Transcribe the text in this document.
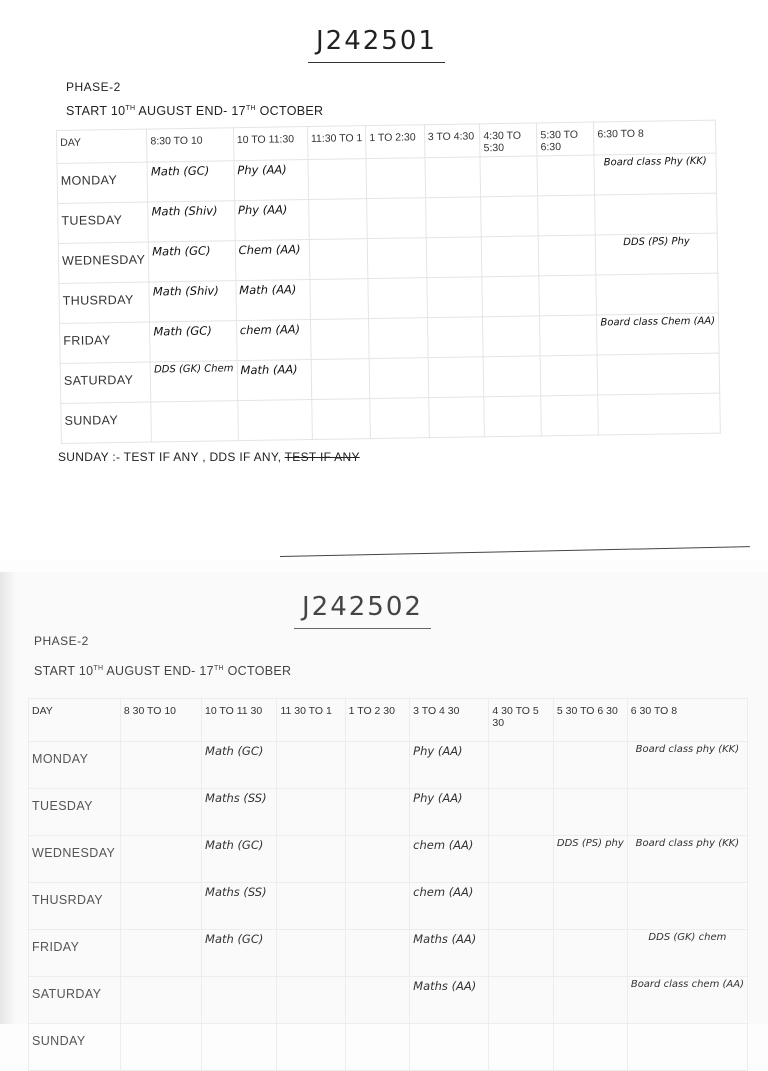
J242501
PHASE-2
START 10TH AUGUST END- 17TH OCTOBER
DAY	8:30 TO 10	10 TO 11:30	11:30 TO 1	1 TO 2:30	3 TO 4:30	4:30 TO 5:30	5:30 TO 6:30	6:30 TO 8
MONDAY	Math (GC)	Phy (AA)						Board class Phy (KK)

TUESDAY	Math (Shiv)	Phy (AA)						
WEDNESDAY	Math (GC)	Chem (AA)						DDS (PS) Phy

THUSRDAY	Math (Shiv)	Math (AA)						
FRIDAY	Math (GC)	chem (AA)						Board class Chem (AA)

SATURDAY	DDS (GK) Chem	Math (AA)						
SUNDAY								
SUNDAY :- TEST IF ANY , DDS IF ANY, TEST IF ANY
J242502
PHASE-2
START 10TH AUGUST END- 17TH OCTOBER
DAY	8 30 TO 10	10 TO 11 30	11 30 TO 1	1 TO 2 30	3 TO 4 30	4 30 TO 5 30	5 30 TO 6 30	6 30 TO 8
MONDAY		Math (GC)			Phy (AA)			Board class phy (KK)

TUESDAY		Maths (SS)			Phy (AA)			
WEDNESDAY		Math (GC)			chem (AA)		DDS (PS) phy	Board class phy (KK)

THUSRDAY		Maths (SS)			chem (AA)			
FRIDAY		Math (GC)			Maths (AA)			DDS (GK) chem

SATURDAY					Maths (AA)			Board class chem (AA)

SUNDAY								
